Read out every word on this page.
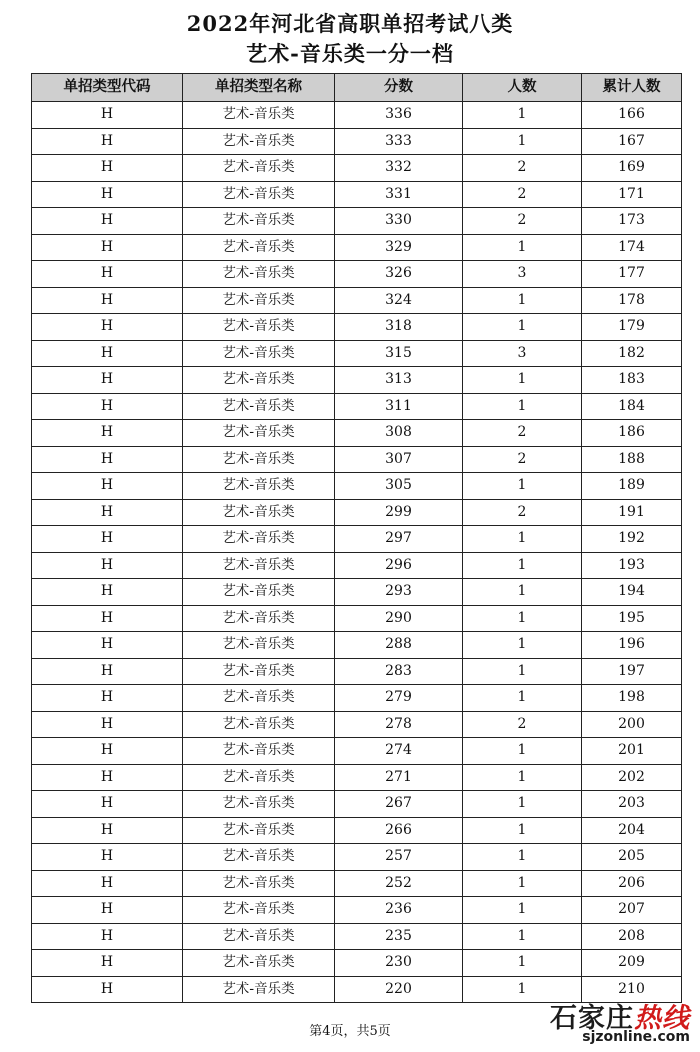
2022年河北省高职单招考试八类
艺术-音乐类一分一档
单招类型代码	单招类型名称	分数	人数	累计人数
H	艺术-音乐类	336	1	166
H	艺术-音乐类	333	1	167
H	艺术-音乐类	332	2	169
H	艺术-音乐类	331	2	171
H	艺术-音乐类	330	2	173
H	艺术-音乐类	329	1	174
H	艺术-音乐类	326	3	177
H	艺术-音乐类	324	1	178
H	艺术-音乐类	318	1	179
H	艺术-音乐类	315	3	182
H	艺术-音乐类	313	1	183
H	艺术-音乐类	311	1	184
H	艺术-音乐类	308	2	186
H	艺术-音乐类	307	2	188
H	艺术-音乐类	305	1	189
H	艺术-音乐类	299	2	191
H	艺术-音乐类	297	1	192
H	艺术-音乐类	296	1	193
H	艺术-音乐类	293	1	194
H	艺术-音乐类	290	1	195
H	艺术-音乐类	288	1	196
H	艺术-音乐类	283	1	197
H	艺术-音乐类	279	1	198
H	艺术-音乐类	278	2	200
H	艺术-音乐类	274	1	201
H	艺术-音乐类	271	1	202
H	艺术-音乐类	267	1	203
H	艺术-音乐类	266	1	204
H	艺术-音乐类	257	1	205
H	艺术-音乐类	252	1	206
H	艺术-音乐类	236	1	207
H	艺术-音乐类	235	1	208
H	艺术-音乐类	230	1	209
H	艺术-音乐类	220	1	210
第4页，共5页	石家庄热线
sjzonline.com
